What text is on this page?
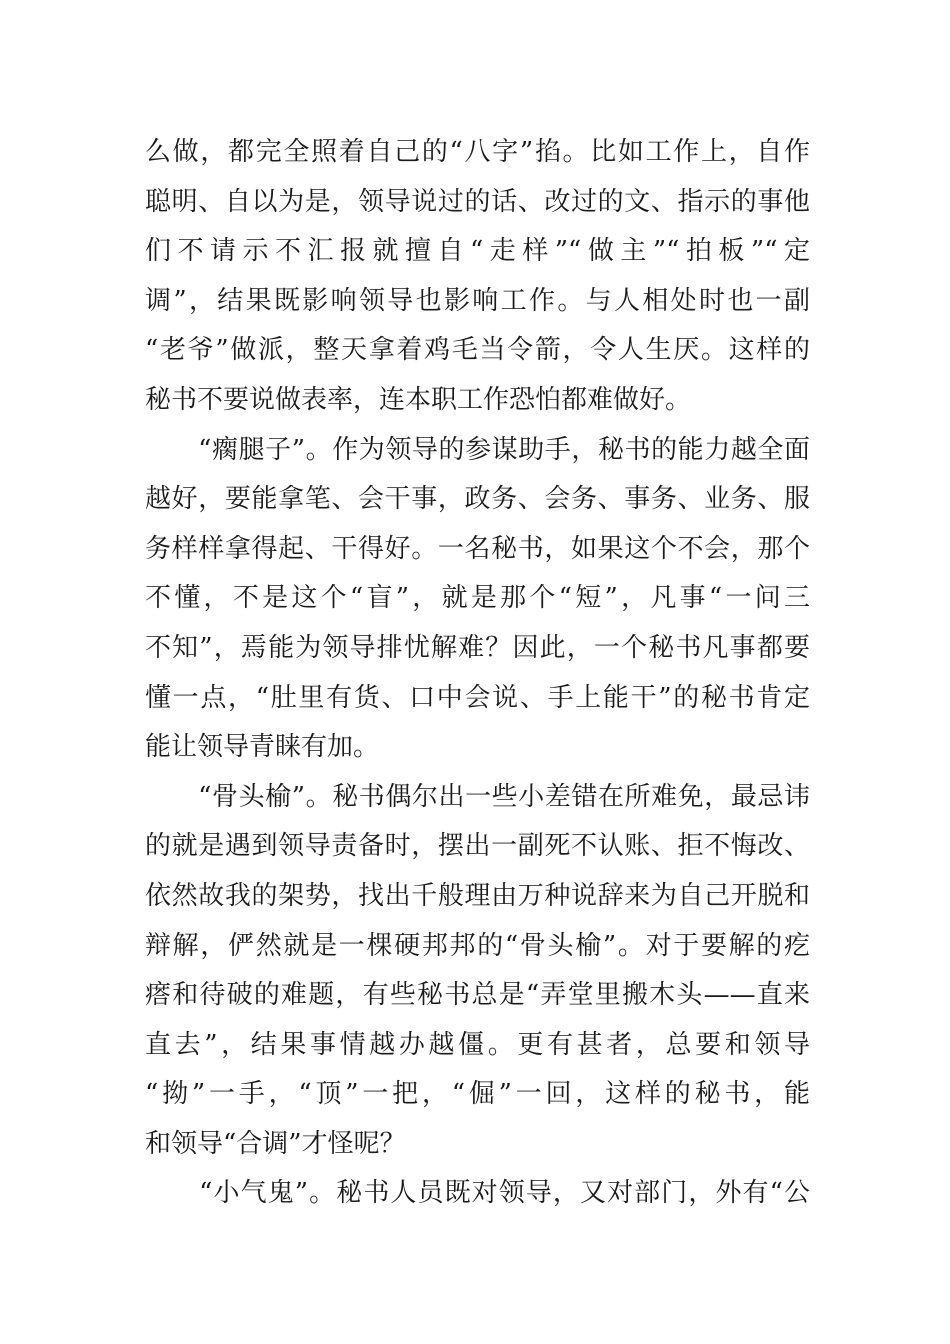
么做，都完全照着自己的“八字”掐。比如工作上，自作
聪明、自以为是，领导说过的话、改过的文、指示的事他
们不请示不汇报就擅自“走样”“做主”“拍板”“定
调”，结果既影响领导也影响工作。与人相处时也一副
“老爷”做派，整天拿着鸡毛当令箭，令人生厌。这样的
秘书不要说做表率，连本职工作恐怕都难做好。
　　“瘸腿子”。作为领导的参谋助手，秘书的能力越全面
越好，要能拿笔、会干事，政务、会务、事务、业务、服
务样样拿得起、干得好。一名秘书，如果这个不会，那个
不懂，不是这个“盲”，就是那个“短”，凡事“一问三
不知”，焉能为领导排忧解难？因此，一个秘书凡事都要
懂一点，“肚里有货、口中会说、手上能干”的秘书肯定
能让领导青睐有加。
　　“骨头榆”。秘书偶尔出一些小差错在所难免，最忌讳
的就是遇到领导责备时，摆出一副死不认账、拒不悔改、
依然故我的架势，找出千般理由万种说辞来为自己开脱和
辩解，俨然就是一棵硬邦邦的“骨头榆”。对于要解的疙
瘩和待破的难题，有些秘书总是“弄堂里搬木头——直来
直去”，结果事情越办越僵。更有甚者，总要和领导
“拗”一手，“顶”一把，“倔”一回，这样的秘书，能
和领导“合调”才怪呢？
　　“小气鬼”。秘书人员既对领导，又对部门，外有“公
